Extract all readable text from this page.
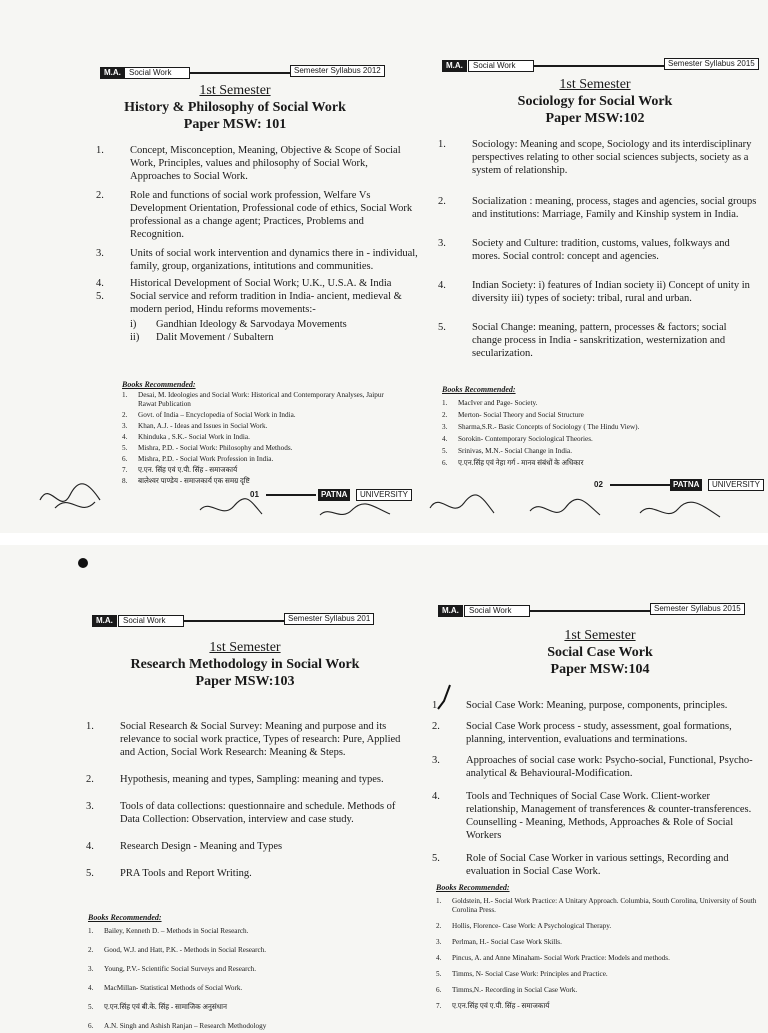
M.A.	Social Work	Semester Syllabus 2012
1st Semester
History & Philosophy of Social Work
Paper MSW: 101
1. Concept, Misconception, Meaning, Objective & Scope of Social Work, Principles, values and philosophy of Social Work, Approaches to Social Work.
2. Role and functions of social work profession, Welfare Vs Development Orientation, Professional code of ethics, Social Work professional as a change agent; Practices, Problems and Recognition.
3. Units of social work intervention and dynamics there in - individual, family, group, organizations, intitutions and communities.
4. Historical Development of Social Work; U.K., U.S.A. & India
5. Social service and reform tradition in India- ancient, medieval & modern period, Hindu reforms movements:-
i) Gandhian Ideology & Sarvodaya Movements
ii) Dalit Movement / Subaltern
Books Recommended:
1. Desai, M. Ideologies and Social Work: Historical and Contemporary Analyses, Jaipur Rawat Publication
2. Govt. of India – Encyclopedia of Social Work in India.
3. Khan, A.J. - Ideas and Issues in Social Work.
4. Khinduka , S.K.- Social Work in India.
5. Mishra, P.D. - Social Work: Philosophy and Methods.
6. Mishra, P.D. - Social Work Profession in India.
7. ए.एन. सिंह एवं ए.पी. सिंह - समाजकार्य
8. बालेश्वर पाण्डेय - समाजकार्य एक समग्र दृष्टि
01	PATNA	UNIVERSITY
M.A.	Social Work	Semester Syllabus 2015
1st Semester
Sociology for Social Work
Paper MSW:102
1. Sociology: Meaning and scope, Sociology and its interdisciplinary perspectives relating to other social sciences subjects, society as a system of relationship.
2. Socialization : meaning, process, stages and agencies, social groups and institutions: Marriage, Family and Kinship system in India.
3. Society and Culture: tradition, customs, values, folkways and mores. Social control: concept and agencies.
4. Indian Society: i) features of Indian society ii) Concept of unity in diversity iii) types of society: tribal, rural and urban.
5. Social Change: meaning, pattern, processes & factors; social change process in India - sanskritization, westernization and secularization.
Books Recommended:
1. MacIver and Page- Society.
2. Merton- Social Theory and Social Structure
3. Sharma,S.R.- Basic Concepts of Sociology ( The Hindu View).
4. Sorokin- Contemporary Sociological Theories.
5. Srinivas, M.N.- Social Change in India.
6. ए.एन.सिंह एवं नेहा गर्ग - मानव संबंधों के अधिकार
02	PATNA	UNIVERSITY
M.A.	Social Work	Semester Syllabus 201
1st Semester
Research Methodology in Social Work
Paper MSW:103
1. Social Research & Social Survey: Meaning and purpose and its relevance to social work practice, Types of research: Pure, Applied and Action, Social Work Research: Meaning & Steps.
2. Hypothesis, meaning and types, Sampling: meaning and types.
3. Tools of data collections: questionnaire and schedule. Methods of Data Collection: Observation, interview and case study.
4. Research Design - Meaning and Types
5. PRA Tools and Report Writing.
Books Recommended:
1. Bailey, Kenneth D. – Methods in Social Research.
2. Good, W.J. and Hatt, P.K. - Methods in Social Research.
3. Young, P.V.- Scientific Social Surveys and Research.
4. MacMillan- Statistical Methods of Social Work.
5. ए.एन.सिंह एवं बी.के. सिंह - सामाजिक अनुसंधान
6. A.N. Singh and Ashish Ranjan – Research Methodology
M.A.	Social Work	Semester Syllabus 2015
1st Semester
Social Case Work
Paper MSW:104
1. Social Case Work: Meaning, purpose, components, principles.
2. Social Case Work process - study, assessment, goal formations, planning, intervention, evaluations and terminations.
3. Approaches of social case work: Psycho-social, Functional, Psycho-analytical & Behavioural-Modification.
4. Tools and Techniques of Social Case Work. Client-worker relationship, Management of transferences & counter-transferences. Counselling - Meaning, Methods, Approaches & Role of Social Workers
5. Role of Social Case Worker in various settings, Recording and evaluation in Social Case Work.
Books Recommended:
1. Goldstein, H.- Social Work Practice: A Unitary Approach. Columbia, South Corolina, University of South Corolina Press.
2. Hollis, Florence- Case Work: A Psychological Therapy.
3. Perlman, H.- Social Case Work Skills.
4. Pincus, A. and Anne Minaham- Social Work Practice: Models and methods.
5. Timms, N- Social Case Work: Principles and Practice.
6. Timms,N.- Recording in Social Case Work.
7. ए.एन.सिंह एवं ए.पी. सिंह - समाजकार्य
